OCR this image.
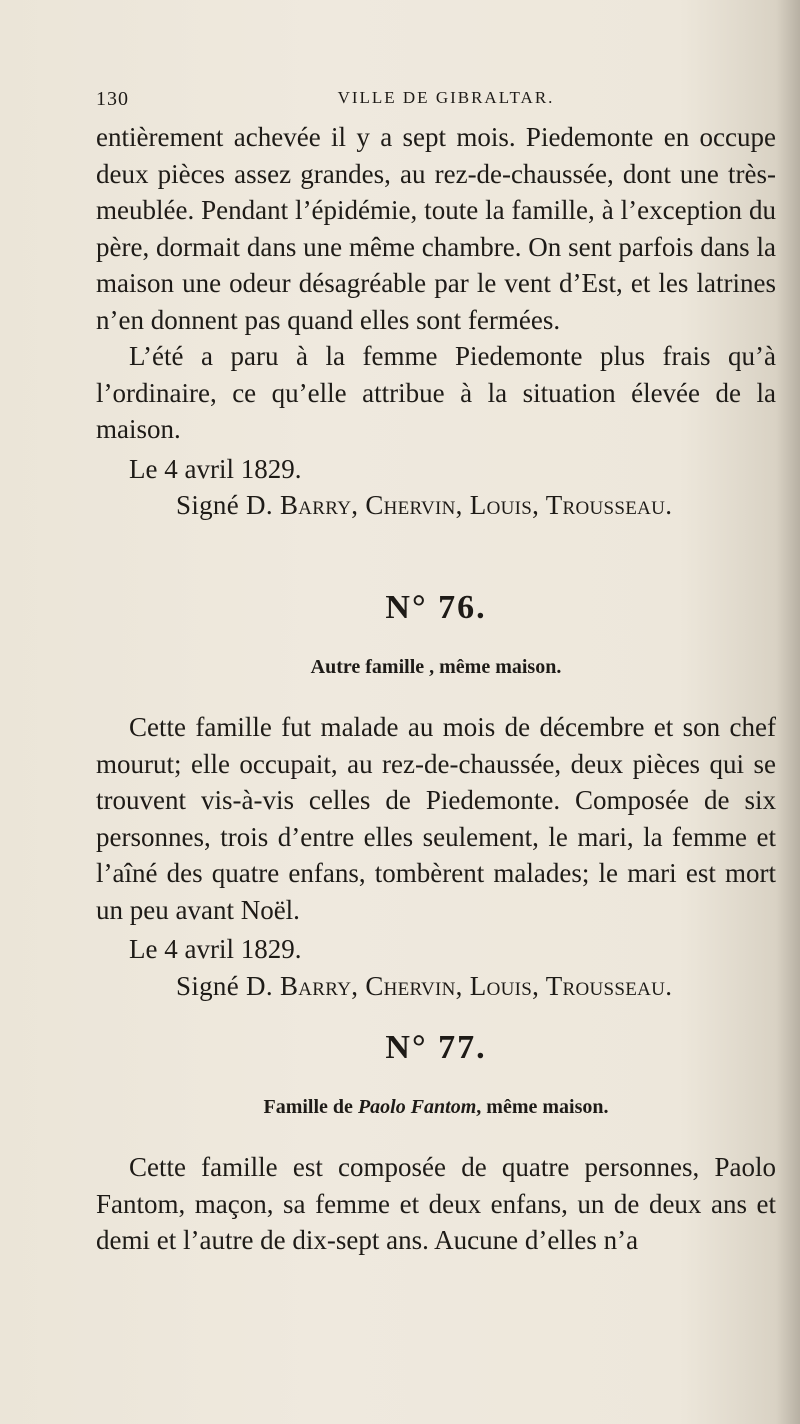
130	VILLE DE GIBRALTAR.

entièrement achevée il y a sept mois. Piedemonte en occupe deux pièces assez grandes, au rez-de-chaussée, dont une très-meublée. Pendant l’épidémie, toute la famille, à l’exception du père, dormait dans une même chambre. On sent parfois dans la maison une odeur désagréable par le vent d’Est, et les latrines n’en donnent pas quand elles sont fermées.

L’été a paru à la femme Piedemonte plus frais qu’à l’ordinaire, ce qu’elle attribue à la situation élevée de la maison.

Le 4 avril 1829.

Signé D. Barry, Chervin, Louis, Trousseau.

N° 76.

Autre famille , même maison.

Cette famille fut malade au mois de décembre et son chef mourut; elle occupait, au rez-de-chaussée, deux pièces qui se trouvent vis-à-vis celles de Piedemonte. Composée de six personnes, trois d’entre elles seulement, le mari, la femme et l’aîné des quatre enfans, tombèrent malades; le mari est mort un peu avant Noël.

Le 4 avril 1829.

Signé D. Barry, Chervin, Louis, Trousseau.

N° 77.

Famille de Paolo Fantom, même maison.

Cette famille est composée de quatre personnes, Paolo Fantom, maçon, sa femme et deux enfans, un de deux ans et demi et l’autre de dix-sept ans. Aucune d’elles n’a
